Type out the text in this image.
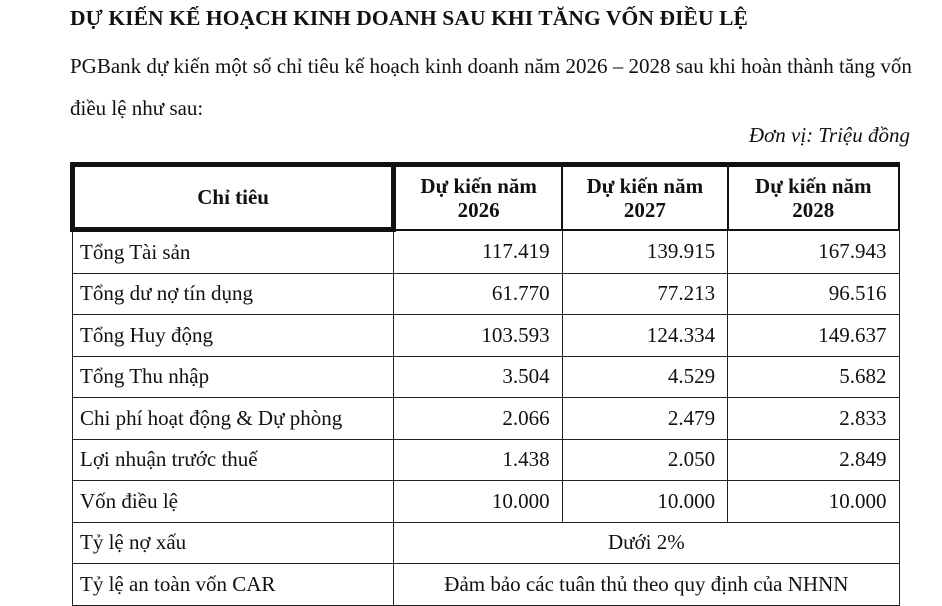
DỰ KIẾN KẾ HOẠCH KINH DOANH SAU KHI TĂNG VỐN ĐIỀU LỆ

PGBank dự kiến một số chỉ tiêu kế hoạch kinh doanh năm 2026 – 2028 sau khi hoàn thành tăng vốn điều lệ như sau:

Đơn vị: Triệu đồng
Chỉ tiêu	Dự kiến năm 2026	Dự kiến năm 2027	Dự kiến năm 2028
Tổng Tài sản	117.419	139.915	167.943
Tổng dư nợ tín dụng	61.770	77.213	96.516
Tổng Huy động	103.593	124.334	149.637
Tổng Thu nhập	3.504	4.529	5.682
Chi phí hoạt động & Dự phòng	2.066	2.479	2.833
Lợi nhuận trước thuế	1.438	2.050	2.849
Vốn điều lệ	10.000	10.000	10.000
Tỷ lệ nợ xấu	Dưới 2%		
Tỷ lệ an toàn vốn CAR	Đảm bảo các tuân thủ theo quy định của NHNN		
